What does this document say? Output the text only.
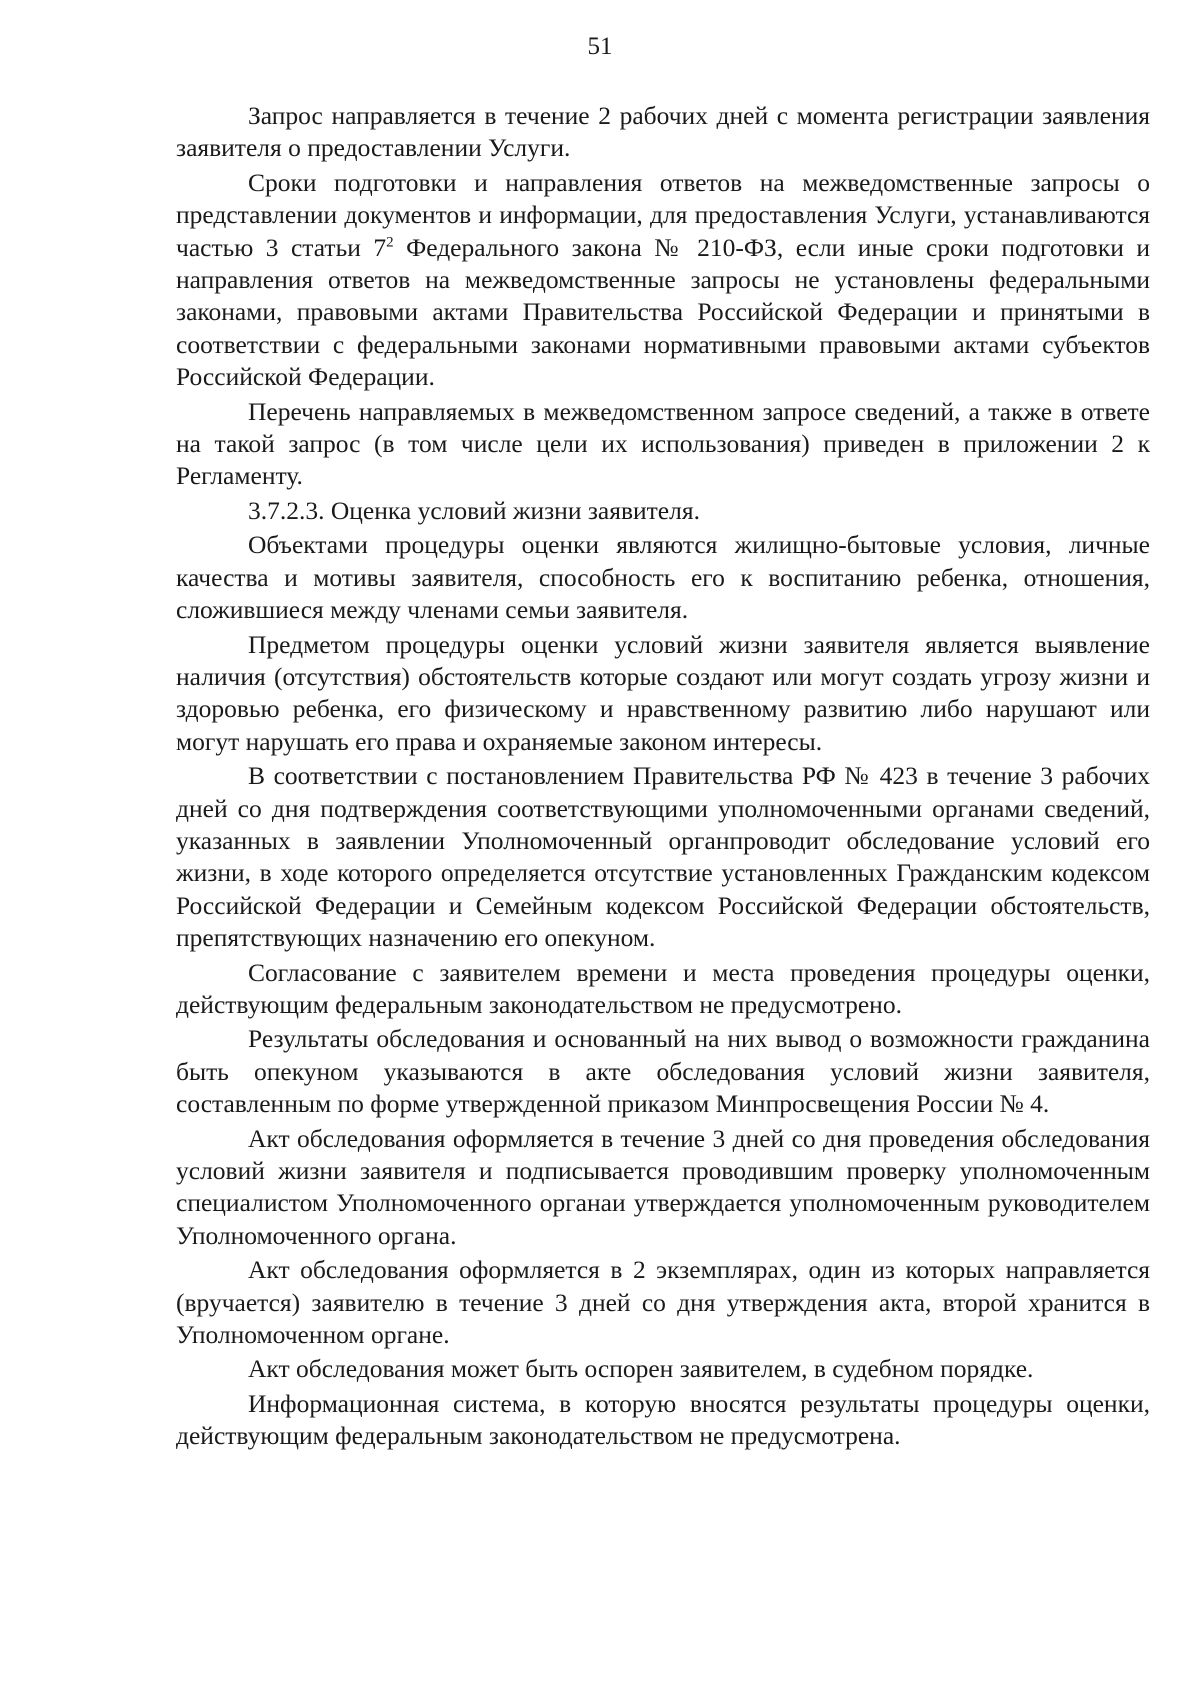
51

Запрос направляется в течение 2 рабочих дней с момента регистрации заявления заявителя о предоставлении Услуги.

Сроки подготовки и направления ответов на межведомственные запросы о представлении документов и информации, для предоставления Услуги, устанавливаются частью 3 статьи $7^2$ Федерального закона № 210-ФЗ, если иные сроки подготовки и направления ответов на межведомственные запросы не установлены федеральными законами, правовыми актами Правительства Российской Федерации и принятыми в соответствии с федеральными законами нормативными правовыми актами субъектов Российской Федерации.

Перечень направляемых в межведомственном запросе сведений, а также в ответе на такой запрос (в том числе цели их использования) приведен в приложении 2 к Регламенту.

3.7.2.3. Оценка условий жизни заявителя.

Объектами процедуры оценки являются жилищно-бытовые условия, личные качества и мотивы заявителя, способность его к воспитанию ребенка, отношения, сложившиеся между членами семьи заявителя.

Предметом процедуры оценки условий жизни заявителя является выявление наличия (отсутствия) обстоятельств которые создают или могут создать угрозу жизни и здоровью ребенка, его физическому и нравственному развитию либо нарушают или могут нарушать его права и охраняемые законом интересы.

В соответствии с постановлением Правительства РФ № 423 в течение 3 рабочих дней со дня подтверждения соответствующими уполномоченными органами сведений, указанных в заявлении Уполномоченный органпроводит обследование условий его жизни, в ходе которого определяется отсутствие установленных Гражданским кодексом Российской Федерации и Семейным кодексом Российской Федерации обстоятельств, препятствующих назначению его опекуном.

Согласование с заявителем времени и места проведения процедуры оценки, действующим федеральным законодательством не предусмотрено.

Результаты обследования и основанный на них вывод о возможности гражданина быть опекуном указываются в акте обследования условий жизни заявителя, составленным по форме утвержденной приказом Минпросвещения России № 4.

Акт обследования оформляется в течение 3 дней со дня проведения обследования условий жизни заявителя и подписывается проводившим проверку уполномоченным специалистом Уполномоченного органаи утверждается уполномоченным руководителем Уполномоченного органа.

Акт обследования оформляется в 2 экземплярах, один из которых направляется (вручается) заявителю в течение 3 дней со дня утверждения акта, второй хранится в Уполномоченном органе.

Акт обследования может быть оспорен заявителем, в судебном порядке.

Информационная система, в которую вносятся результаты процедуры оценки, действующим федеральным законодательством не предусмотрена.
